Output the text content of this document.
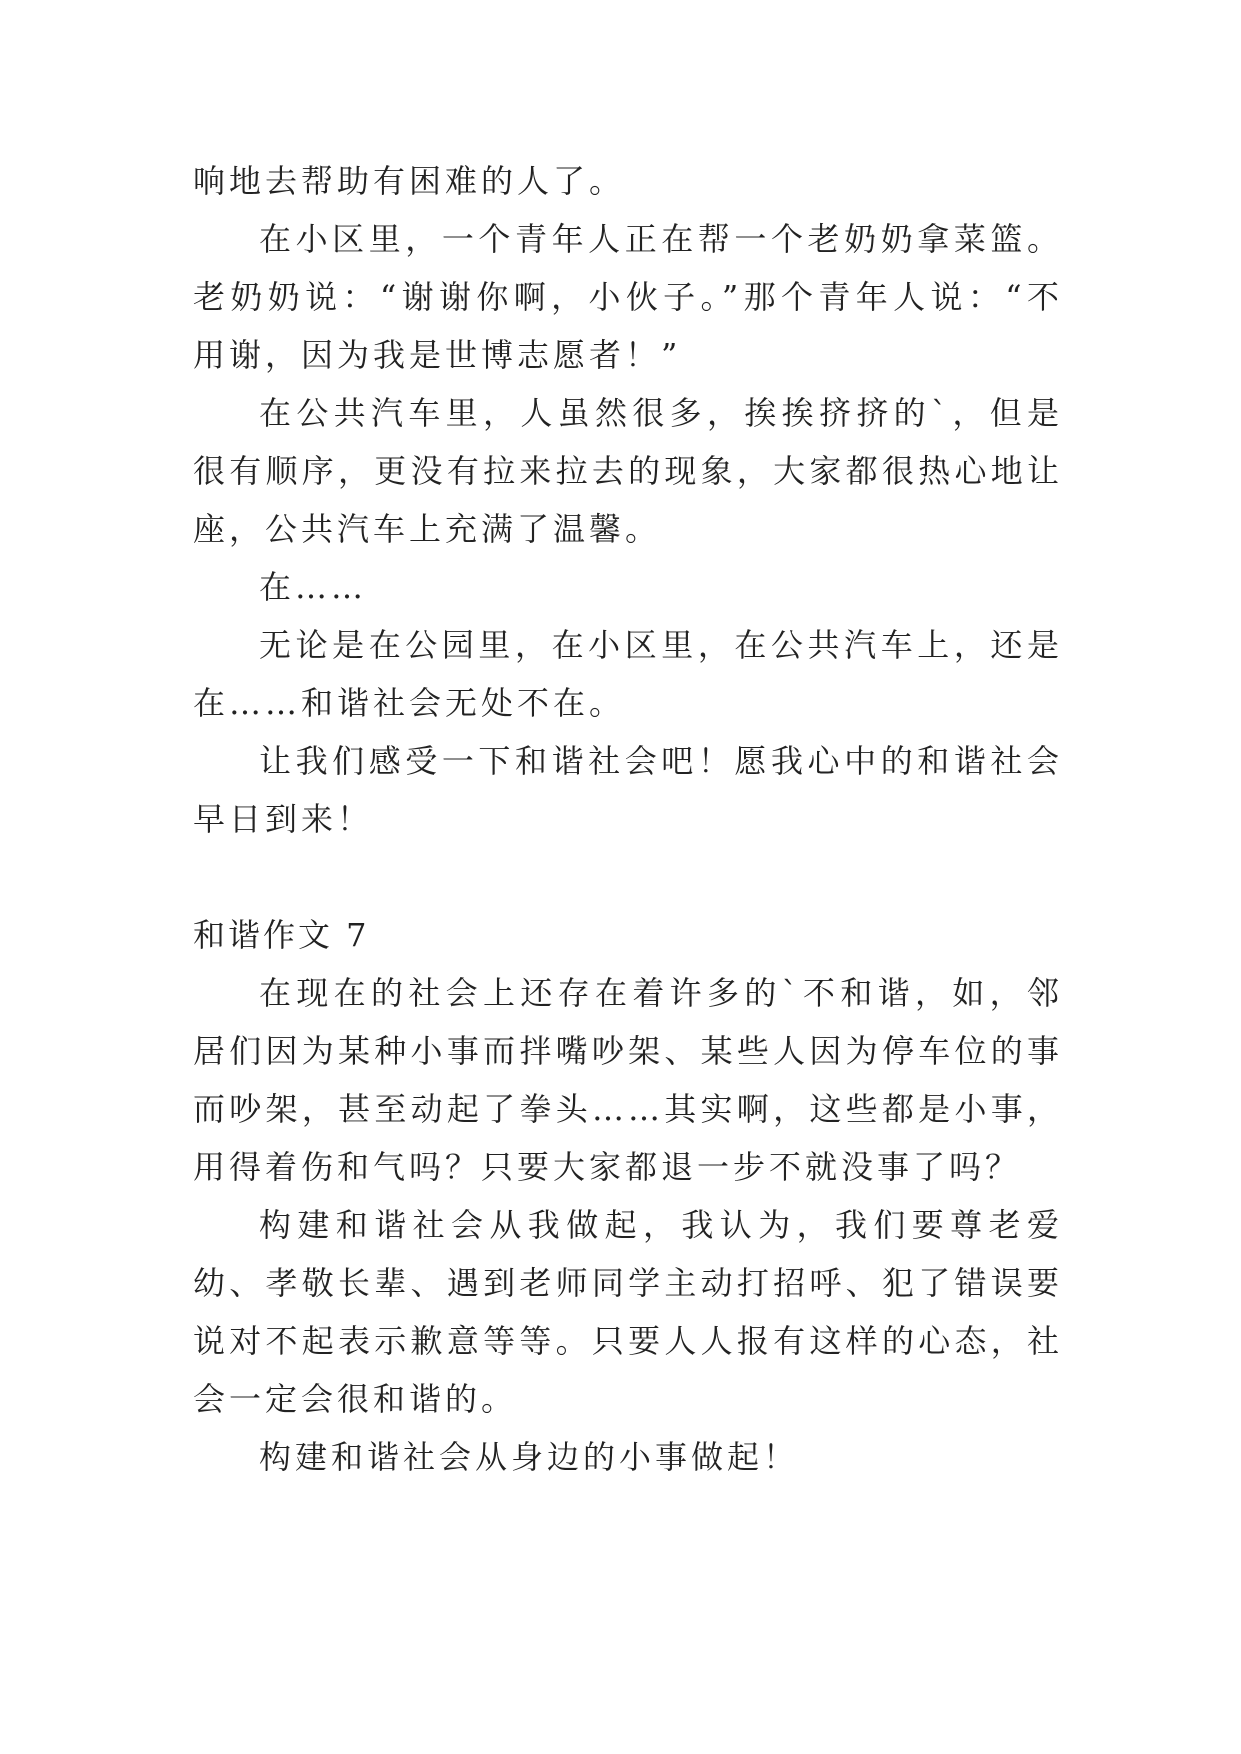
响地去帮助有困难的人了。

在小区里，一个青年人正在帮一个老奶奶拿菜篮。老奶奶说：“谢谢你啊，小伙子。”那个青年人说：“不用谢，因为我是世博志愿者！”

在公共汽车里，人虽然很多，挨挨挤挤的`，但是很有顺序，更没有拉来拉去的现象，大家都很热心地让座，公共汽车上充满了温馨。

在……

无论是在公园里，在小区里，在公共汽车上，还是在……和谐社会无处不在。

让我们感受一下和谐社会吧！愿我心中的和谐社会早日到来！

和谐作文 7

在现在的社会上还存在着许多的`不和谐，如，邻居们因为某种小事而拌嘴吵架、某些人因为停车位的事而吵架，甚至动起了拳头……其实啊，这些都是小事，用得着伤和气吗？只要大家都退一步不就没事了吗？

构建和谐社会从我做起，我认为，我们要尊老爱幼、孝敬长辈、遇到老师同学主动打招呼、犯了错误要说对不起表示歉意等等。只要人人报有这样的心态，社会一定会很和谐的。

构建和谐社会从身边的小事做起！
